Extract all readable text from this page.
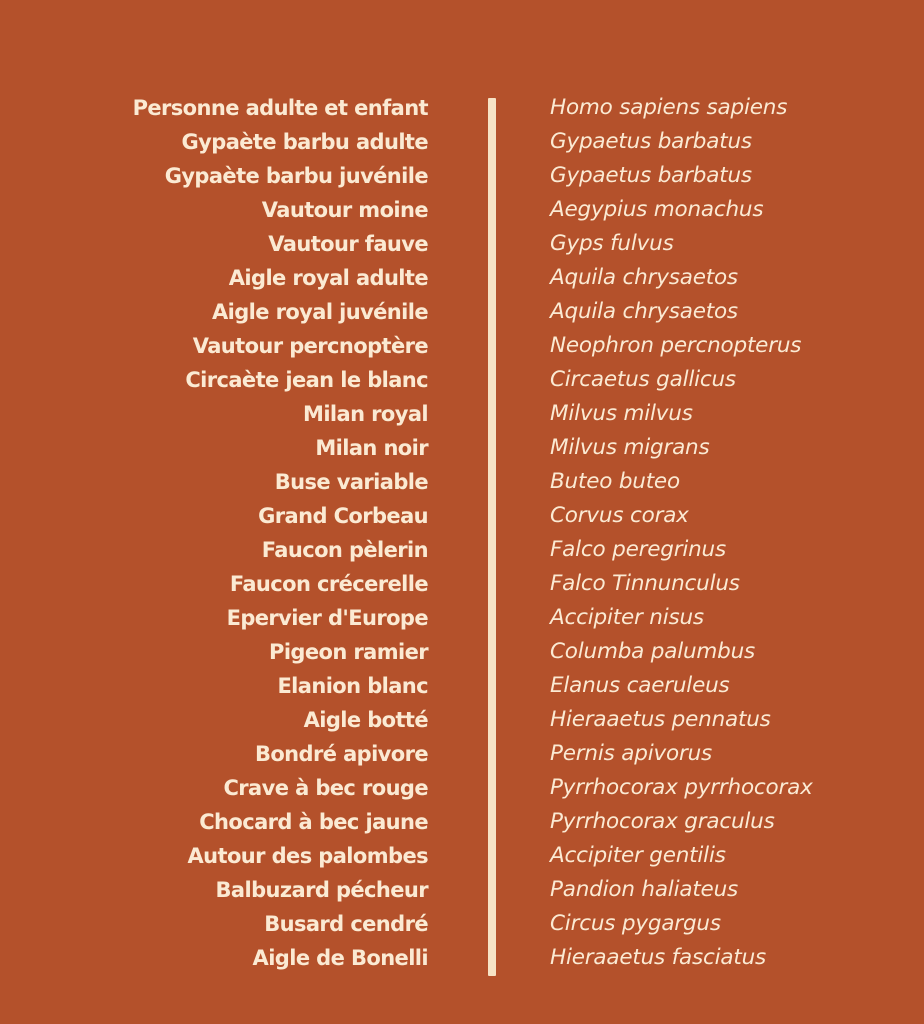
Personne adulte et enfant	Homo sapiens sapiens
Gypaète barbu adulte	Gypaetus barbatus
Gypaète barbu juvénile	Gypaetus barbatus
Vautour moine	Aegypius monachus
Vautour fauve	Gyps fulvus
Aigle royal adulte	Aquila chrysaetos
Aigle royal juvénile	Aquila chrysaetos
Vautour percnoptère	Neophron percnopterus
Circaète jean le blanc	Circaetus gallicus
Milan royal	Milvus milvus
Milan noir	Milvus migrans
Buse variable	Buteo buteo
Grand Corbeau	Corvus corax
Faucon pèlerin	Falco peregrinus
Faucon crécerelle	Falco Tinnunculus
Epervier d'Europe	Accipiter nisus
Pigeon ramier	Columba palumbus
Elanion blanc	Elanus caeruleus
Aigle botté	Hieraaetus pennatus
Bondré apivore	Pernis apivorus
Crave à bec rouge	Pyrrhocorax pyrrhocorax
Chocard à bec jaune	Pyrrhocorax graculus
Autour des palombes	Accipiter gentilis
Balbuzard pécheur	Pandion haliateus
Busard cendré	Circus pygargus
Aigle de Bonelli	Hieraaetus fasciatus
